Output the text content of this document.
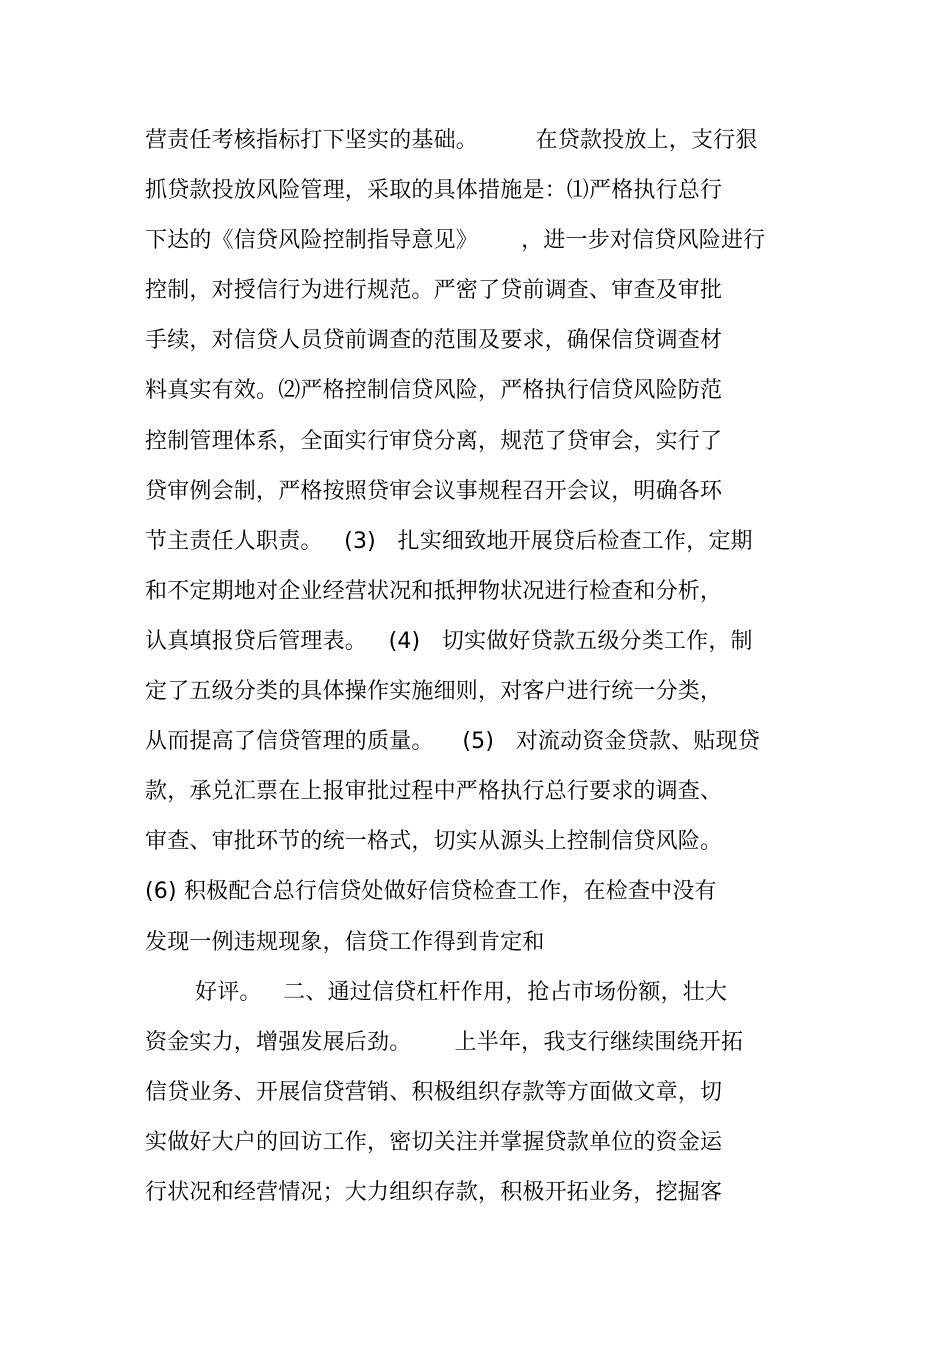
营责任考核指标打下坚实的基础。        在贷款投放上，支行狠
抓贷款投放风险管理，采取的具体措施是：⑴严格执行总行
下达的《信贷风险控制指导意见》      ，进一步对信贷风险进行
控制，对授信行为进行规范。严密了贷前调查、审查及审批
手续，对信贷人员贷前调查的范围及要求，确保信贷调查材
料真实有效。⑵严格控制信贷风险，严格执行信贷风险防范
控制管理体系，全面实行审贷分离，规范了贷审会，实行了
贷审例会制，严格按照贷审会议事规程召开会议，明确各环
节主责任人职责。   (3)   扎实细致地开展贷后检查工作，定期
和不定期地对企业经营状况和抵押物状况进行检查和分析，
认真填报贷后管理表。   (4)   切实做好贷款五级分类工作，制
定了五级分类的具体操作实施细则，对客户进行统一分类，
从而提高了信贷管理的质量。    (5)   对流动资金贷款、贴现贷
款，承兑汇票在上报审批过程中严格执行总行要求的调查、
审查、审批环节的统一格式，切实从源头上控制信贷风险。
(6) 积极配合总行信贷处做好信贷检查工作，在检查中没有
发现一例违规现象，信贷工作得到肯定和
好评。   二、通过信贷杠杆作用，抢占市场份额，壮大
资金实力，增强发展后劲。      上半年，我支行继续围绕开拓
信贷业务、开展信贷营销、积极组织存款等方面做文章，切
实做好大户的回访工作，密切关注并掌握贷款单位的资金运
行状况和经营情况；大力组织存款，积极开拓业务，挖掘客
